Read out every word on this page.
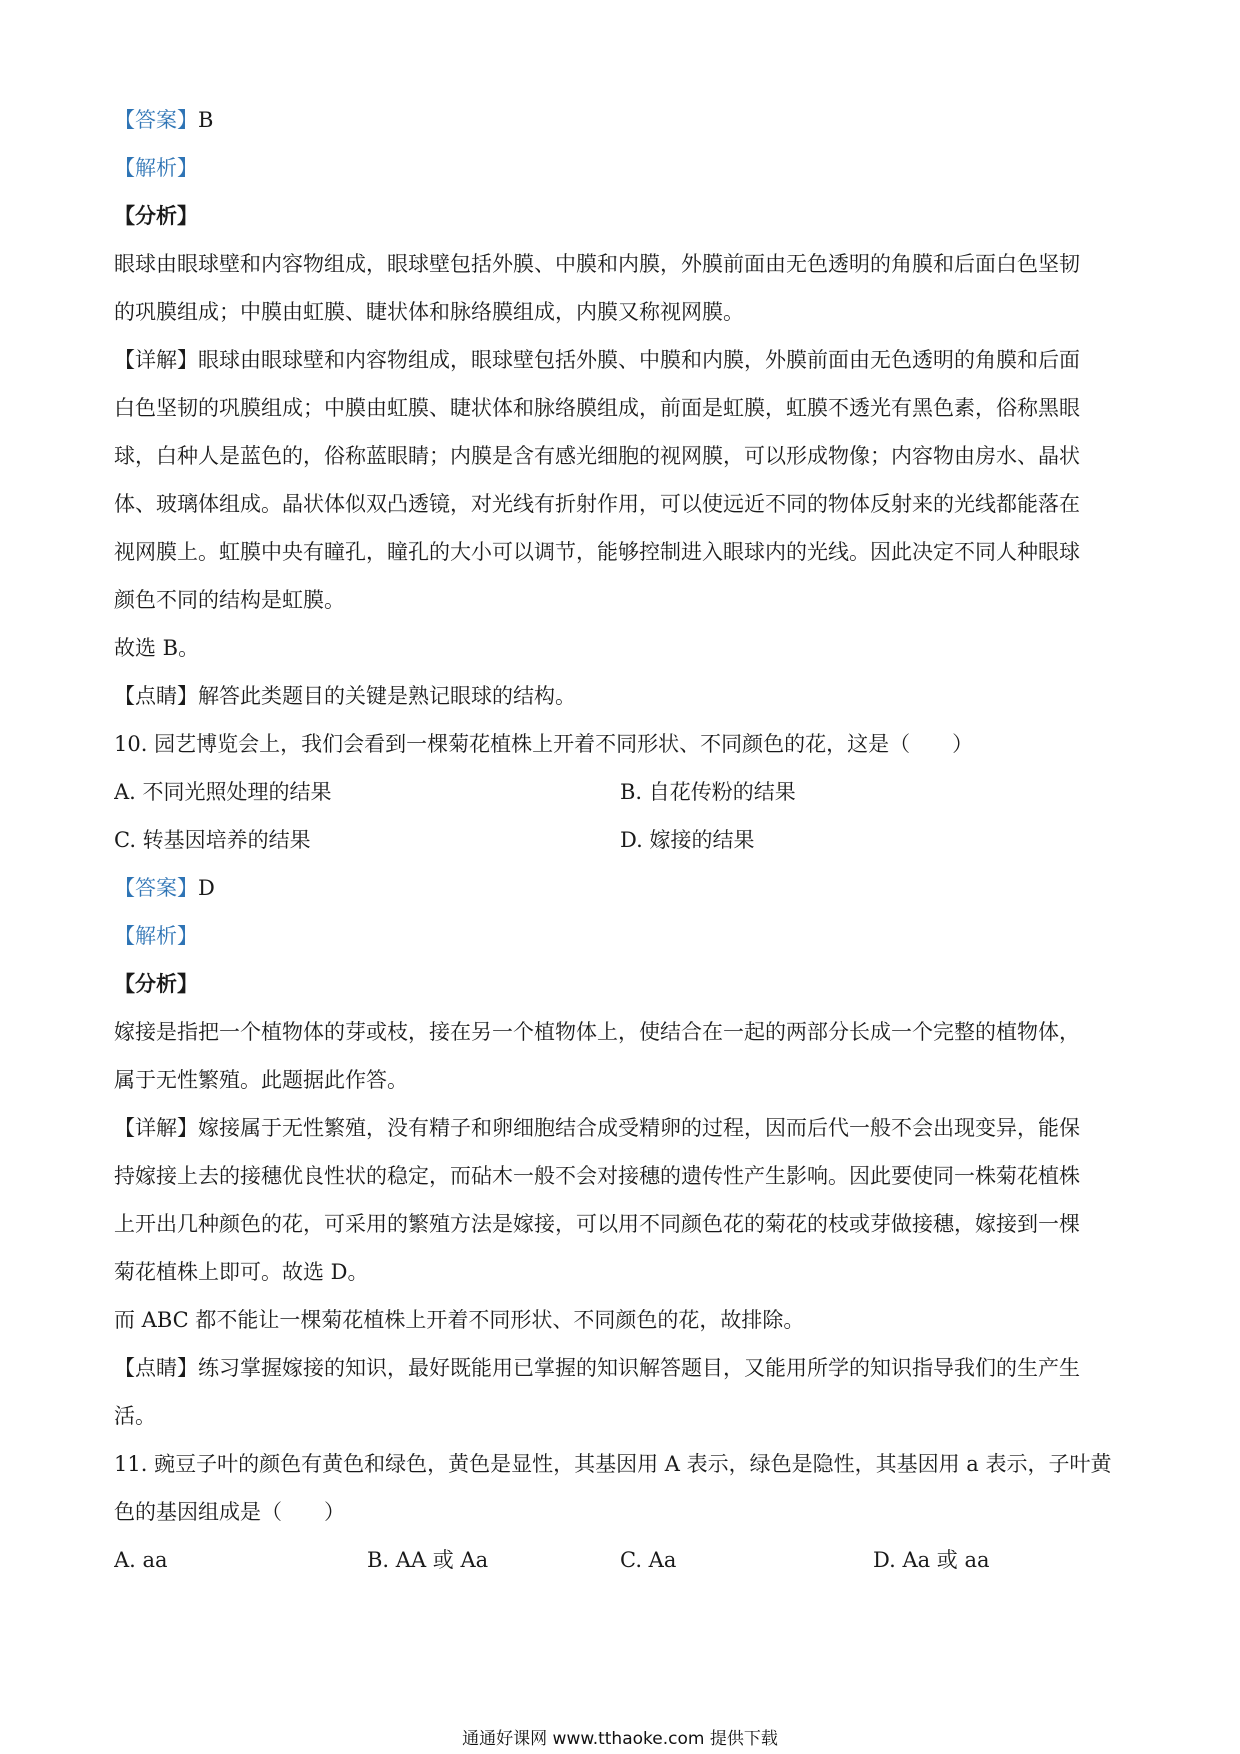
【答案】B
【解析】
【分析】
眼球由眼球壁和内容物组成，眼球壁包括外膜、中膜和内膜，外膜前面由无色透明的角膜和后面白色坚韧
的巩膜组成；中膜由虹膜、睫状体和脉络膜组成，内膜又称视网膜。
【详解】眼球由眼球壁和内容物组成，眼球壁包括外膜、中膜和内膜，外膜前面由无色透明的角膜和后面
白色坚韧的巩膜组成；中膜由虹膜、睫状体和脉络膜组成，前面是虹膜，虹膜不透光有黑色素，俗称黑眼
球，白种人是蓝色的，俗称蓝眼睛；内膜是含有感光细胞的视网膜，可以形成物像；内容物由房水、晶状
体、玻璃体组成。晶状体似双凸透镜，对光线有折射作用，可以使远近不同的物体反射来的光线都能落在
视网膜上。虹膜中央有瞳孔，瞳孔的大小可以调节，能够控制进入眼球内的光线。因此决定不同人种眼球
颜色不同的结构是虹膜。
故选 B。
【点睛】解答此类题目的关键是熟记眼球的结构。
10. 园艺博览会上，我们会看到一棵菊花植株上开着不同形状、不同颜色的花，这是（　　）
A. 不同光照处理的结果	B. 自花传粉的结果
C. 转基因培养的结果	D. 嫁接的结果
【答案】D
【解析】
【分析】
嫁接是指把一个植物体的芽或枝，接在另一个植物体上，使结合在一起的两部分长成一个完整的植物体，
属于无性繁殖。此题据此作答。
【详解】嫁接属于无性繁殖，没有精子和卵细胞结合成受精卵的过程，因而后代一般不会出现变异，能保
持嫁接上去的接穗优良性状的稳定，而砧木一般不会对接穗的遗传性产生影响。因此要使同一株菊花植株
上开出几种颜色的花，可采用的繁殖方法是嫁接，可以用不同颜色花的菊花的枝或芽做接穗，嫁接到一棵
菊花植株上即可。故选 D。
而 ABC 都不能让一棵菊花植株上开着不同形状、不同颜色的花，故排除。
【点睛】练习掌握嫁接的知识，最好既能用已掌握的知识解答题目，又能用所学的知识指导我们的生产生
活。
11. 豌豆子叶的颜色有黄色和绿色，黄色是显性，其基因用 A 表示，绿色是隐性，其基因用 a 表示，子叶黄
色的基因组成是（　　）
A. aa	B. AA 或 Aa	C. Aa	D. Aa 或 aa
通通好课网 www.tthaoke.com 提供下载
